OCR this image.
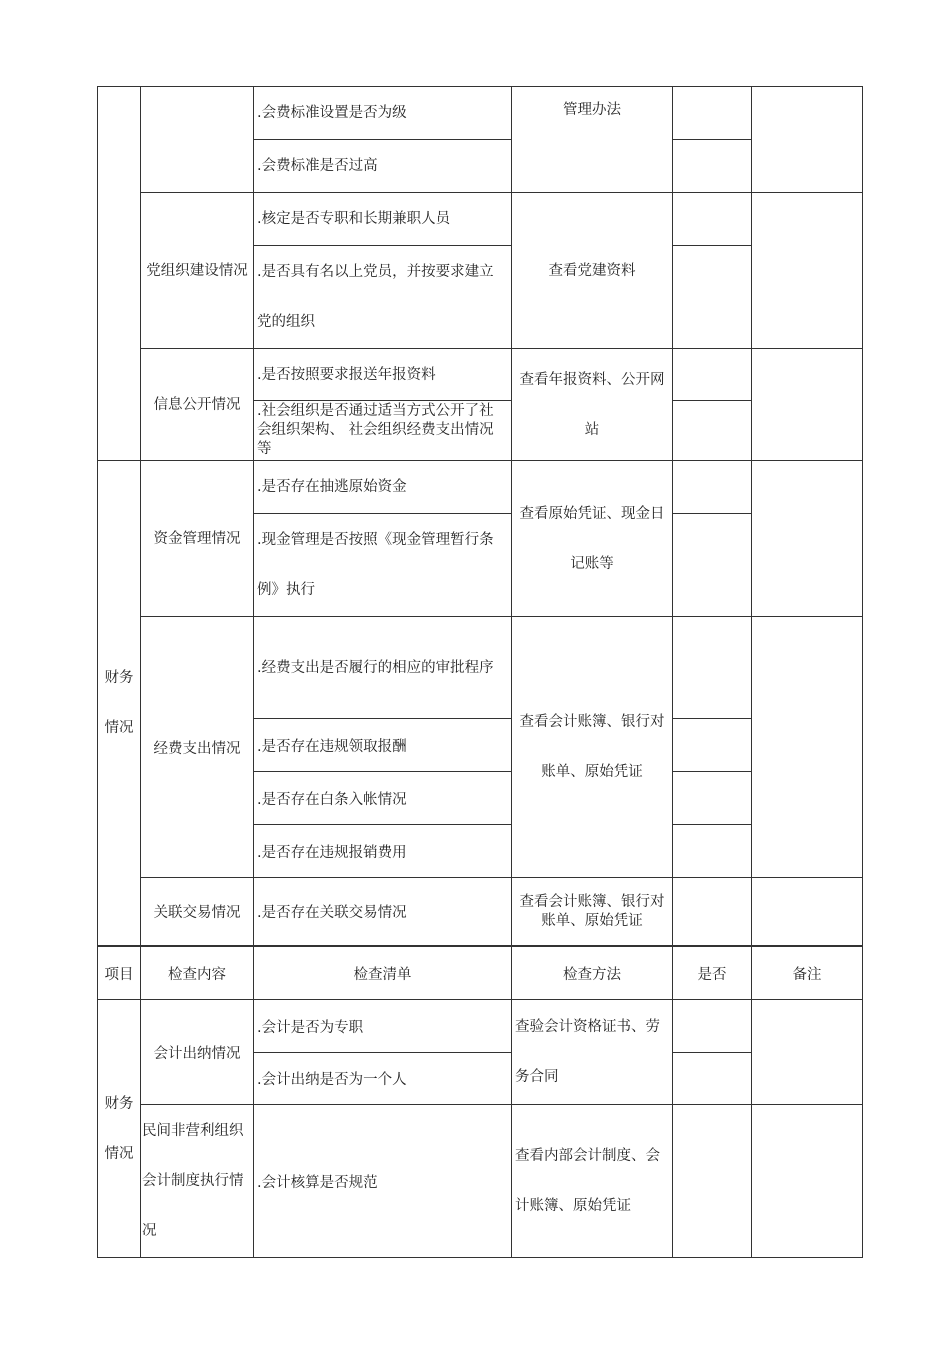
		.会费标准设置是否为级	管理办法		

		.会费标准是否过高			
	党组织建设情况	.核定是否专职和长期兼职人员	查看党建资料		
		.是否具有名以上党员，并按要求建立党的组织			
	信息公开情况	.是否按照要求报送年报资料	查看年报资料、公开网站		
		.社会组织是否通过适当方式公开了社会组织架构、 社会组织经费支出情况等			
财务情况	资金管理情况	.是否存在抽逃原始资金	查看原始凭证、现金日记账等		
		.现金管理是否按照《现金管理暂行条例》执行			
	经费支出情况	.经费支出是否履行的相应的审批程序	查看会计账簿、银行对账单、原始凭证		
		.是否存在违规领取报酬			
		.是否存在白条入帐情况			
		.是否存在违规报销费用			
	关联交易情况	.是否存在关联交易情况	查看会计账簿、银行对账单、原始凭证		
项目	检查内容	检查清单	检查方法	是否	备注
财务情况	会计出纳情况	.会计是否为专职	查验会计资格证书、劳务合同		
		.会计出纳是否为一个人			
	民间非营利组织会计制度执行情况	.会计核算是否规范	查看内部会计制度、会计账簿、原始凭证		
